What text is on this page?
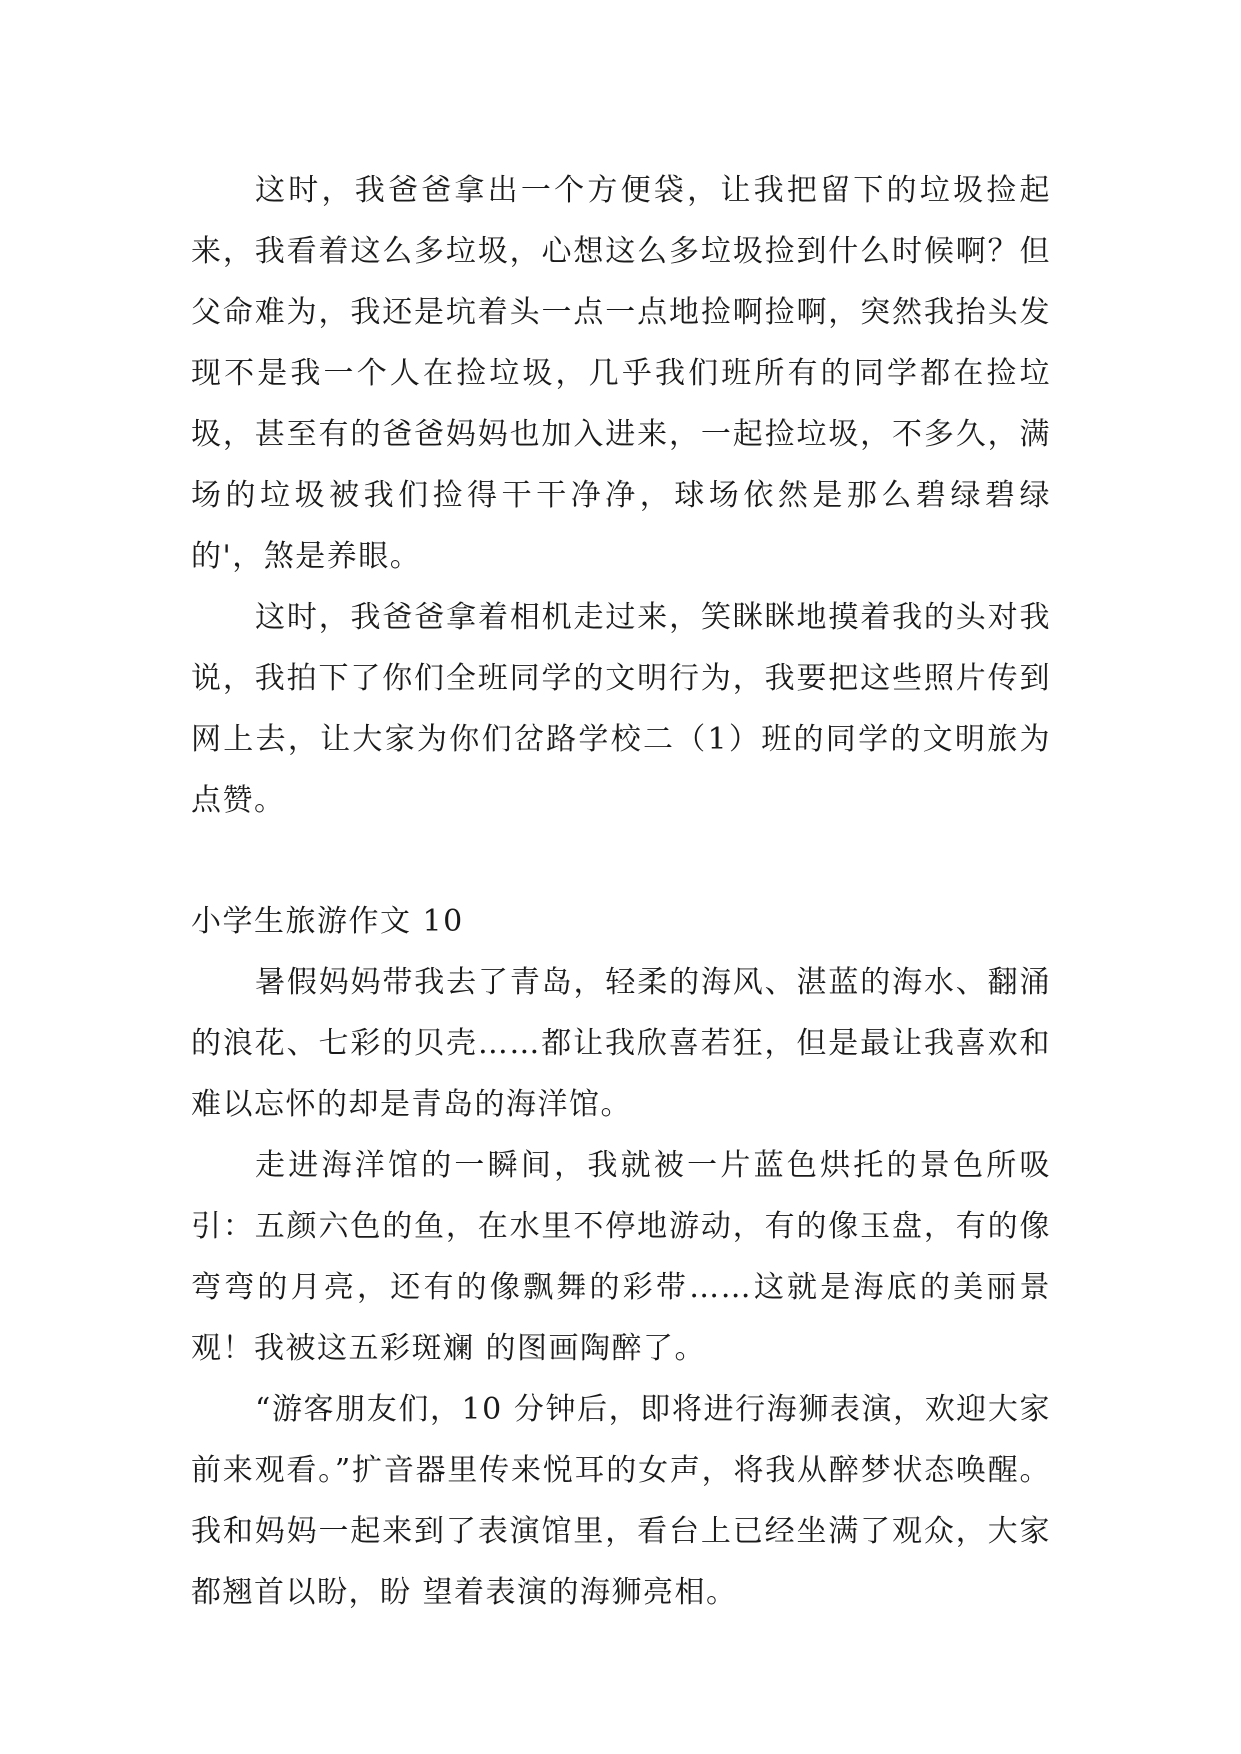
这时，我爸爸拿出一个方便袋，让我把留下的垃圾捡起来，我看着这么多垃圾，心想这么多垃圾捡到什么时候啊？但父命难为，我还是坑着头一点一点地捡啊捡啊，突然我抬头发现不是我一个人在捡垃圾，几乎我们班所有的同学都在捡垃圾，甚至有的爸爸妈妈也加入进来，一起捡垃圾，不多久，满场的垃圾被我们捡得干干净净，球场依然是那么碧绿碧绿的'，煞是养眼。

这时，我爸爸拿着相机走过来，笑眯眯地摸着我的头对我说，我拍下了你们全班同学的文明行为，我要把这些照片传到网上去，让大家为你们岔路学校二（1）班的同学的文明旅为点赞。

小学生旅游作文 10

暑假妈妈带我去了青岛，轻柔的海风、湛蓝的海水、翻涌的浪花、七彩的贝壳……都让我欣喜若狂，但是最让我喜欢和难以忘怀的却是青岛的海洋馆。

走进海洋馆的一瞬间，我就被一片蓝色烘托的景色所吸引：五颜六色的鱼，在水里不停地游动，有的像玉盘，有的像弯弯的月亮，还有的像飘舞的彩带……这就是海底的美丽景观！我被这五彩斑斓 的图画陶醉了。

“游客朋友们，10 分钟后，即将进行海狮表演，欢迎大家前来观看。”扩音器里传来悦耳的女声，将我从醉梦状态唤醒。我和妈妈一起来到了表演馆里，看台上已经坐满了观众，大家都翘首以盼，盼 望着表演的海狮亮相。
